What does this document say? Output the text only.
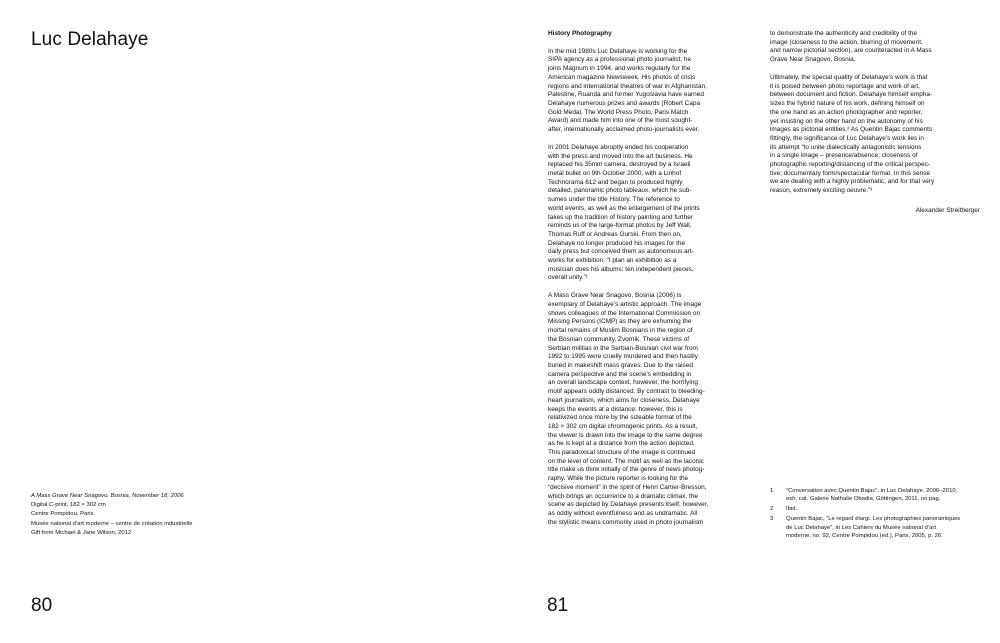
Luc Delahaye
A Mass Grave Near Snagovo, Bosnia, November 18, 2006
Digital C-print, 182 × 302 cm
Centre Pompidou, Paris
Musée national d’art moderne – centre de création industrielle
Gift from Michael & Jane Wilson, 2012
80
History Photography

In the mid 1980s Luc Delahaye is working for the
SIPA agency as a professional photo journalist; he
joins Magnum in 1994, and works regularly for the
American magazine Newsweek. His photos of crisis
regions and international theatres of war in Afghanistan,
Palestine, Ruanda and former Yugoslavia have earned
Delahaye numerous prizes and awards (Robert Capa
Gold Medal, The World Press Photo, Paris Match
Award) and made him into one of the most sought-
after, internationally acclaimed photo-journalists ever.

In 2001 Delahaye abruptly ended his cooperation
with the press and moved into the art business. He
replaced his 35mm camera, destroyed by a Israeli
metal bullet on 9th October 2000, with a Linhof
Technorama 612 and began to produced highly
detailed, panoramic photo tableaux, which he sub-
sumes under the title History. The reference to
world events, as well as the enlargement of the prints
takes up the tradition of history painting and further
reminds us of the large-format photos by Jeff Wall,
Thomas Ruff or Andreas Gurski. From then on,
Delahaye no longer produced his images for the
daily press but conceived them as autonomous art-
works for exhibition: “I plan an exhibition as a
musician does his albums: ten independent pieces,
overall unity.”¹

A Mass Grave Near Snagovo, Bosnia (2006) is
exemplary of Delahaye’s artistic approach. The image
shows colleagues of the International Commission on
Missing Persons (ICMP) as they are exhuming the
mortal remains of Muslim Bosnians in the region of
the Bosnian community, Zvornik. These victims of
Serbian militias in the Serbian-Bosnian civil war from
1992 to 1995 were cruelly murdered and then hastily
buried in makeshift mass graves. Due to the raised
camera perspective and the scene’s embedding in
an overall landscape context, however, the horrifying
motif appears oddly distanced. By contrast to bleeding-
heart journalism, which aims for closeness, Delahaye
keeps the events at a distance: however, this is
relativized once more by the sizeable format of the
182 × 302 cm digital chromogenic prints. As a result,
the viewer is drawn into the image to the same degree
as he is kept at a distance from the action depicted.
This paradoxical structure of the image is continued
on the level of content. The motif as well as the laconic
title make us think initially of the genre of news photog-
raphy. While the picture reporter is looking for the
“decisive moment” in the spirit of Henri Cartier-Bresson,
which brings an occurrence to a dramatic climax, the
scene as depicted by Delahaye presents itself, however,
as oddly without eventfulness and as undramatic. All
the stylistic means commonly used in photo journalism

to demonstrate the authenticity and credibility of the
image (closeness to the action, blurring of movement,
and narrow pictorial section), are counteracted in A Mass
Grave Near Snagovo, Bosnia.

Ultimately, the special quality of Delahaye’s work is that
it is poised between photo reportage and work of art,
between document and fiction. Delahaye himself empha-
sizes the hybrid nature of his work, defining himself on
the one hand as an action photographer and reporter,
yet insisting on the other hand on the autonomy of his
images as pictorial entities.² As Quentin Bajac comments
fittingly, the significance of Luc Delahaye’s work lies in
its attempt “to unite dialectically antagonistic tensions
in a single image – presence/absence; closeness of
photographic reporting/distancing of the critical perspec-
tive; documentary form/spectacular format. In this sense
we are dealing with a highly problematic, and for that very
reason, extremely exciting oeuvre.”³

Alexander Streitberger
1	“Conversation avec Quentin Bajac”, in Luc Delahaye. 2006–2010,
exh. cat. Galerie Nathalie Obadia, Göttingen, 2011, no pag.
2	Ibid.
3	Quentin Bajac, “Le regard élargi. Les photographies panoramiques
de Luc Delahaye”, in Les Cahiers du Musée national d’art
moderne, no. 92, Centre Pompidou (ed.), Paris, 2005, p. 26.
81
